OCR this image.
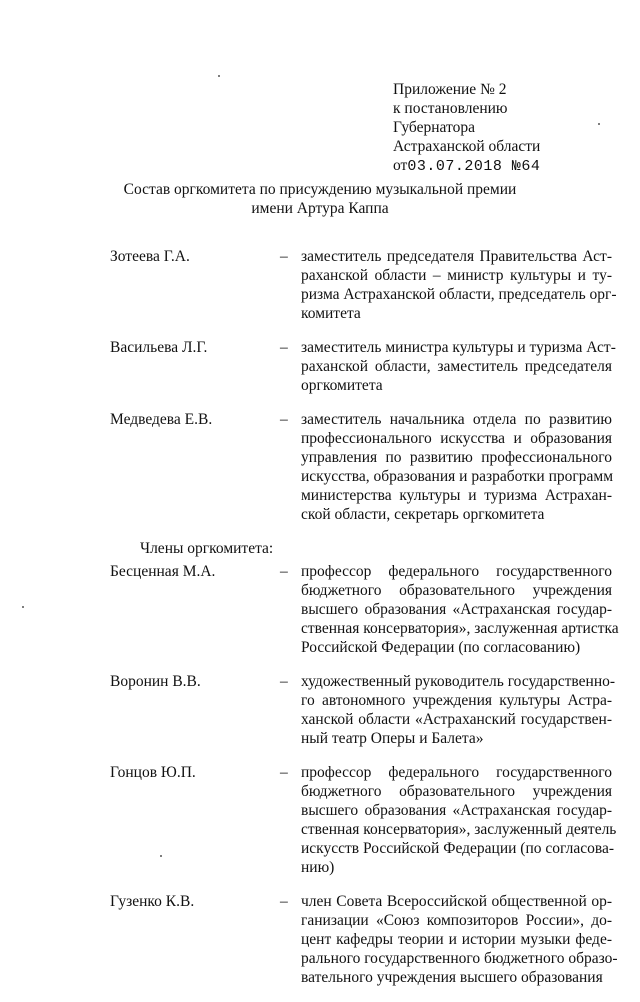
Приложение № 2
к постановлению
Губернатора
Астраханской области
от03.07.2018 №64
Состав оргкомитета по присуждению музыкальной премии
имени Артура Каппа
Зотеева Г.А.	– заместитель председателя Правительства Аст-
раханской области – министр культуры и ту-
ризма Астраханской области, председатель орг-
комитета
Васильева Л.Г.	– заместитель министра культуры и туризма Аст-
раханской области, заместитель председателя
оргкомитета
Медведева Е.В.	– заместитель начальника отдела по развитию
профессионального искусства и образования
управления по развитию профессионального
искусства, образования и разработки программ
министерства культуры и туризма Астрахан-
ской области, секретарь оргкомитета
Члены оргкомитета:
Бесценная М.А.	– профессор федерального государственного
бюджетного образовательного учреждения
высшего образования «Астраханская государ-
ственная консерватория», заслуженная артистка
Российской Федерации (по согласованию)
Воронин В.В.	– художественный руководитель государственно-
го автономного учреждения культуры Астра-
ханской области «Астраханский государствен-
ный театр Оперы и Балета»
Гонцов Ю.П.	– профессор федерального государственного
бюджетного образовательного учреждения
высшего образования «Астраханская государ-
ственная консерватория», заслуженный деятель
искусств Российской Федерации (по согласова-
нию)
Гузенко К.В.	– член Совета Всероссийской общественной ор-
ганизации «Союз композиторов России», до-
цент кафедры теории и истории музыки феде-
рального государственного бюджетного образо-
вательного учреждения высшего образования
